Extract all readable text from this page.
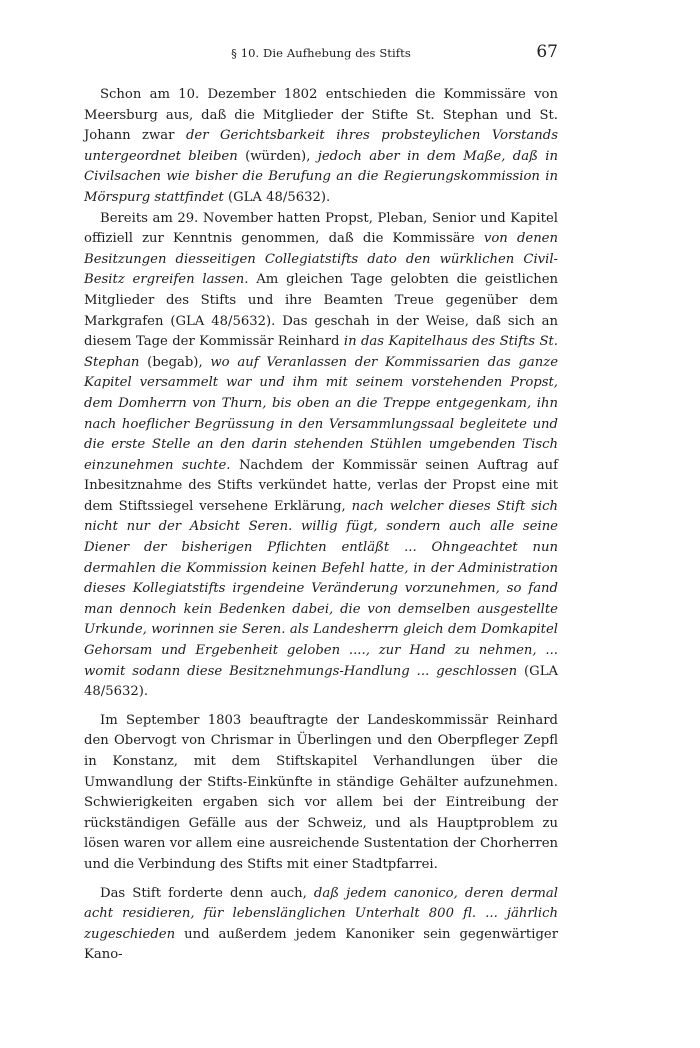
§ 10. Die Aufhebung des Stifts	67

Schon am 10. Dezember 1802 entschieden die Kommissäre von Meersburg aus, daß die Mitglieder der Stifte St. Stephan und St. Johann zwar der Gerichtsbarkeit ihres probsteylichen Vorstands untergeordnet bleiben (würden), jedoch aber in dem Maße, daß in Civilsachen wie bisher die Berufung an die Regierungskommission in Mörspurg stattfindet (GLA 48/5632).

Bereits am 29. November hatten Propst, Pleban, Senior und Kapitel offiziell zur Kenntnis genommen, daß die Kommissäre von denen Besitzungen diesseitigen Collegiatstifts dato den würklichen Civil-Besitz ergreifen lassen. Am gleichen Tage gelobten die geistlichen Mitglieder des Stifts und ihre Beamten Treue gegenüber dem Markgrafen (GLA 48/5632). Das geschah in der Weise, daß sich an diesem Tage der Kommissär Reinhard in das Kapitelhaus des Stifts St. Stephan (begab), wo auf Veranlassen der Kommissarien das ganze Kapitel versammelt war und ihm mit seinem vorstehenden Propst, dem Domherrn von Thurn, bis oben an die Treppe entgegenkam, ihn nach hoeflicher Begrüssung in den Versammlungssaal begleitete und die erste Stelle an den darin stehenden Stühlen umgebenden Tisch einzunehmen suchte. Nachdem der Kommissär seinen Auftrag auf Inbesitznahme des Stifts verkündet hatte, verlas der Propst eine mit dem Stiftssiegel versehene Erklärung, nach welcher dieses Stift sich nicht nur der Absicht Seren. willig fügt, sondern auch alle seine Diener der bisherigen Pflichten entläßt ... Ohngeachtet nun dermahlen die Kommission keinen Befehl hatte, in der Administration dieses Kollegiatstifts irgendeine Veränderung vorzunehmen, so fand man dennoch kein Bedenken dabei, die von demselben ausgestellte Urkunde, worinnen sie Seren. als Landesherrn gleich dem Domkapitel Gehorsam und Ergebenheit geloben ...., zur Hand zu nehmen, ... womit sodann diese Besitznehmungs-Handlung ... geschlossen (GLA 48/5632).

Im September 1803 beauftragte der Landeskommissär Reinhard den Obervogt von Chrismar in Überlingen und den Oberpfleger Zepfl in Konstanz, mit dem Stiftskapitel Verhandlungen über die Umwandlung der Stifts-Einkünfte in ständige Gehälter aufzunehmen. Schwierigkeiten ergaben sich vor allem bei der Eintreibung der rückständigen Gefälle aus der Schweiz, und als Hauptproblem zu lösen waren vor allem eine ausreichende Sustentation der Chorherren und die Verbindung des Stifts mit einer Stadtpfarrei.

Das Stift forderte denn auch, daß jedem canonico, deren dermal acht residieren, für lebenslänglichen Unterhalt 800 fl. ... jährlich zugeschieden und außerdem jedem Kanoniker sein gegenwärtiger Kano-
